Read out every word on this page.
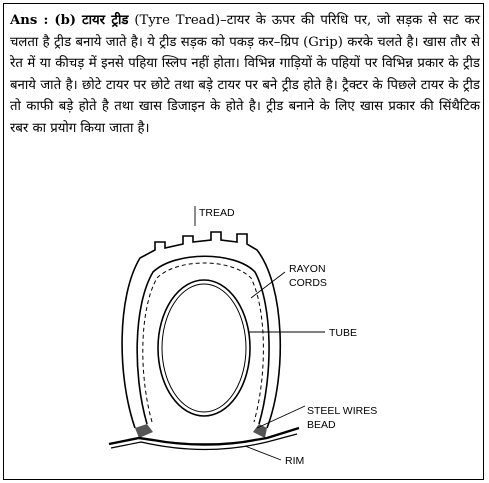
Ans : (b) टायर ट्रीड (Tyre Tread)–टायर के ऊपर की परिधि पर, जो सड़क से सट कर चलता है ट्रीड बनाये जाते है। ये ट्रीड सड़क को पकड़ कर–ग्रिप (Grip) करके चलते है। खास तौर से रेत में या कीचड़ में इनसे पहिया स्लिप नहीं होता। विभिन्न गाड़ियों के पहियों पर विभिन्न प्रकार के ट्रीड बनाये जाते है। छोटे टायर पर छोटे तथा बड़े टायर पर बने ट्रीड होते है। ट्रैक्टर के पिछले टायर के ट्रीड तो काफी बड़े होते है तथा खास डिजाइन के होते है। ट्रीड बनाने के लिए खास प्रकार की सिंथैटिक रबर का प्रयोग किया जाता है।

TREAD
RAYON
CORDS
TUBE
STEEL WIRES
BEAD
RIM
